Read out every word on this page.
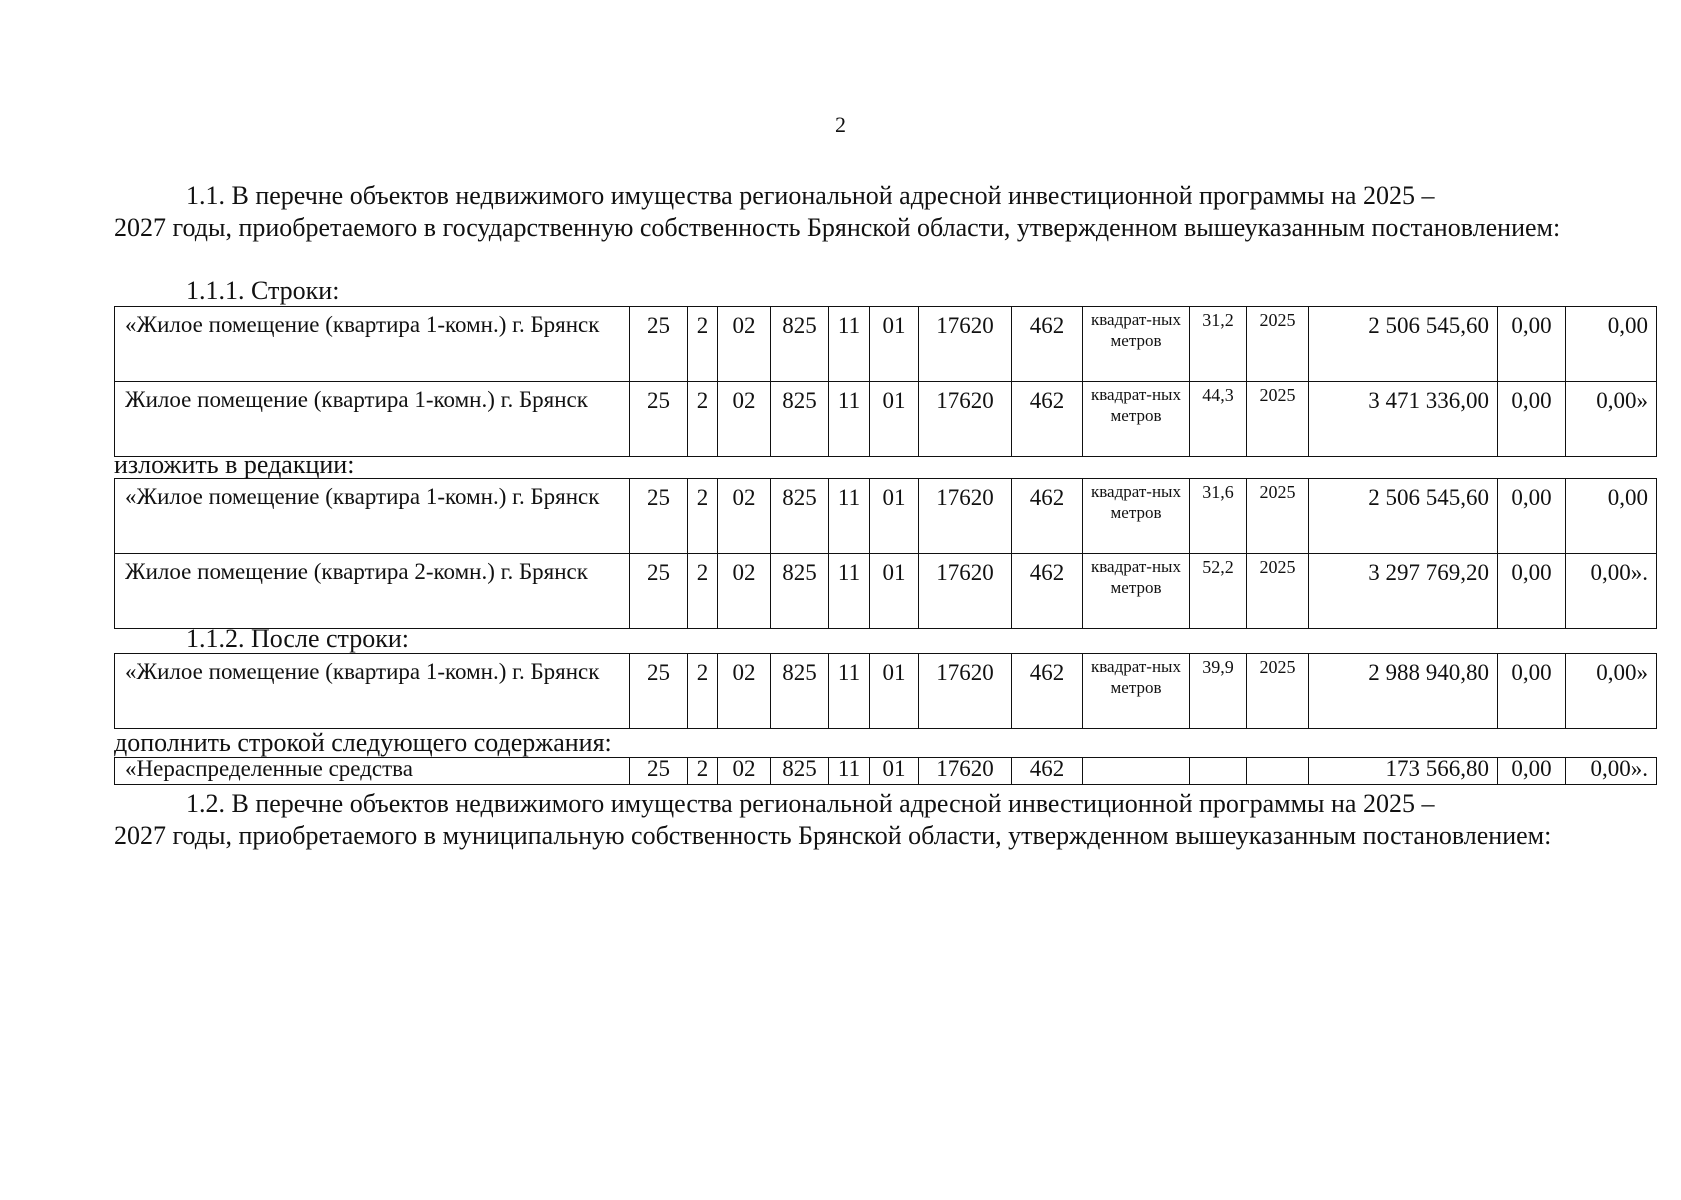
2
1.1. В перечне объектов недвижимого имущества региональной адресной инвестиционной программы на 2025 –
2027 годы, приобретаемого в государственную собственность Брянской области, утвержденном вышеуказанным постановлением:
1.1.1. Строки:
«Жилое помещение (квартира 1-комн.) г. Брянск	25	2	02	825	11	01	17620	462	квадрат-ных метров	31,2	2025	2 506 545,60	0,00	0,00
Жилое помещение (квартира 1-комн.) г. Брянск	25	2	02	825	11	01	17620	462	квадрат-ных метров	44,3	2025	3 471 336,00	0,00	0,00»
изложить в редакции:
«Жилое помещение (квартира 1-комн.) г. Брянск	25	2	02	825	11	01	17620	462	квадрат-ных метров	31,6	2025	2 506 545,60	0,00	0,00
Жилое помещение (квартира 2-комн.) г. Брянск	25	2	02	825	11	01	17620	462	квадрат-ных метров	52,2	2025	3 297 769,20	0,00	0,00».
1.1.2. После строки:
«Жилое помещение (квартира 1-комн.) г. Брянск	25	2	02	825	11	01	17620	462	квадрат-ных метров	39,9	2025	2 988 940,80	0,00	0,00»
дополнить строкой следующего содержания:
«Нераспределенные средства	25	2	02	825	11	01	17620	462				173 566,80	0,00	0,00».
1.2. В перечне объектов недвижимого имущества региональной адресной инвестиционной программы на 2025 –
2027 годы, приобретаемого в муниципальную собственность Брянской области, утвержденном вышеуказанным постановлением:
